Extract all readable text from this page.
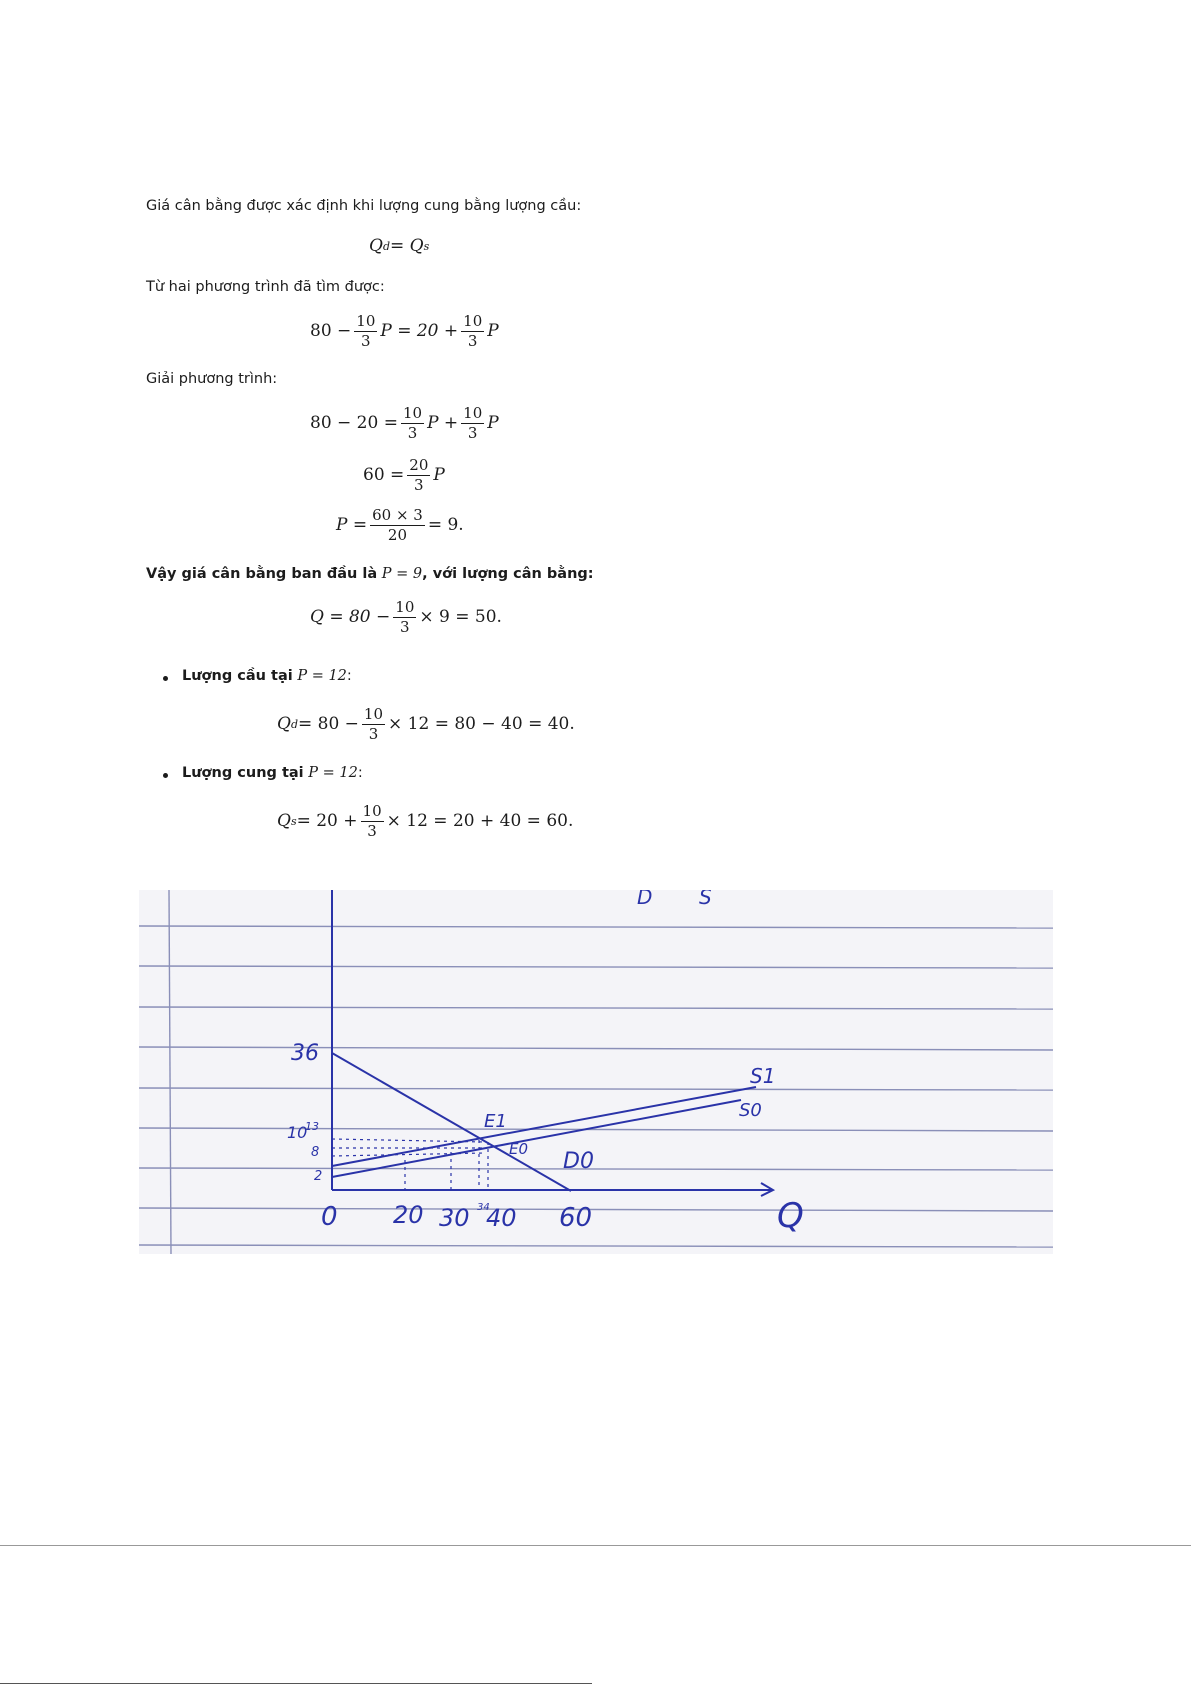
Giá cân bằng được xác định khi lượng cung bằng lượng cầu:
Q d = Q s
Từ hai phương trình đã tìm được:
$80 - \frac{10}{3}$ $P = 20 + \frac{10}{3}$ P
Giải phương trình:
$80 - 20 = \frac{10}{3}$ $P + \frac{10}{3}$ P
$60 = \frac{20}{3}$ P
$P = \frac{60 \times 3}{20} = 9$.
Vậy giá cân bằng ban đầu là P = 9, với lượng cân bằng:
$Q = 80 - \frac{10}{3} \times 9 = 50$.
Lượng cầu tại P = 12:
Q $d = 80 - \frac{10}{3} \times 12 = 80 - 40 = 40$.
Lượng cung tại P = 12:
Q $s = 20 + \frac{10}{3} \times 12 = 20 + 40 = 60$.
36
10
13
8
2
0 20 30 34
40 60	Q
S1
S0
E1
E0 D0
D S
